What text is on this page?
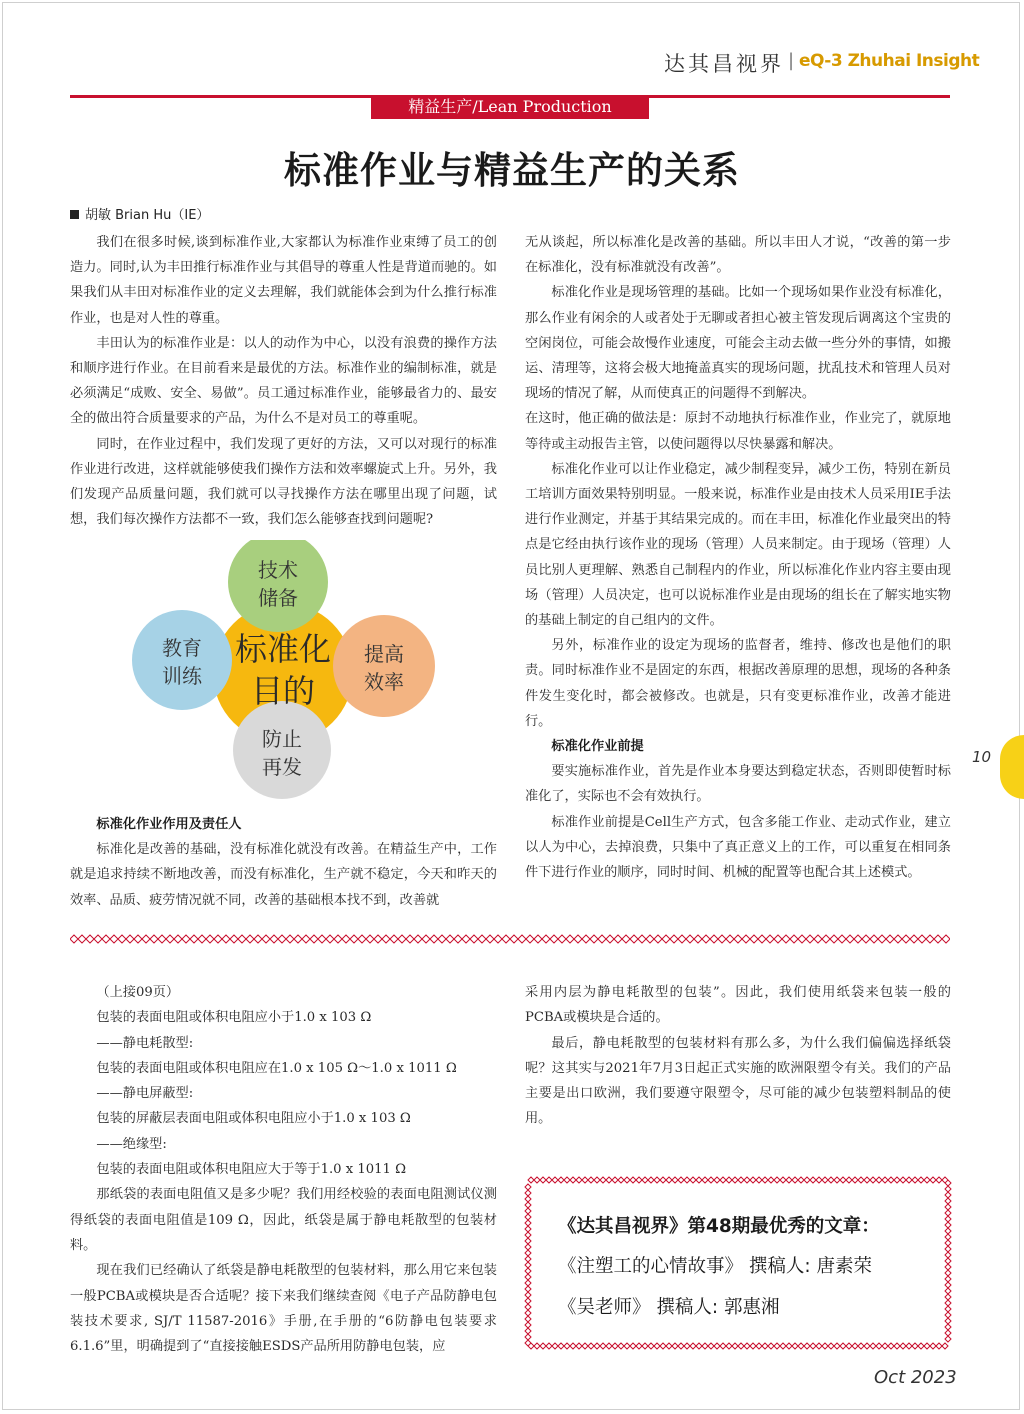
达其昌视界 | eQ-3 Zhuhai Insight
精益生产/Lean Production
标准作业与精益生产的关系
胡敏 Brian Hu（IE）

我们在很多时候,谈到标准作业,大家都认为标准作业束缚了员工的创造力。同时,认为丰田推行标准作业与其倡导的尊重人性是背道而驰的。如果我们从丰田对标准作业的定义去理解，我们就能体会到为什么推行标准作业，也是对人性的尊重。

丰田认为的标准作业是：以人的动作为中心，以没有浪费的操作方法和顺序进行作业。在目前看来是最优的方法。标准作业的编制标准，就是必须满足“成败、安全、易做”。员工通过标准作业，能够最省力的、最安全的做出符合质量要求的产品，为什么不是对员工的尊重呢。

同时，在作业过程中，我们发现了更好的方法，又可以对现行的标准作业进行改进，这样就能够使我们操作方法和效率螺旋式上升。另外，我们发现产品质量问题，我们就可以寻找操作方法在哪里出现了问题，试想，我们每次操作方法都不一致，我们怎么能够查找到问题呢?

技术
储备
教育
训练
提高
效率
防止
再发
标准化
目的

标准化作业作用及责任人

标准化是改善的基础，没有标准化就没有改善。在精益生产中，工作就是追求持续不断地改善，而没有标准化，生产就不稳定，今天和昨天的效率、品质、疲劳情况就不同，改善的基础根本找不到，改善就

无从谈起，所以标准化是改善的基础。所以丰田人才说，“改善的第一步在标准化，没有标准就没有改善”。

标准化作业是现场管理的基础。比如一个现场如果作业没有标准化，那么作业有闲余的人或者处于无聊或者担心被主管发现后调离这个宝贵的空闲岗位，可能会故慢作业速度，可能会主动去做一些分外的事情，如搬运、清理等，这将会极大地掩盖真实的现场问题，扰乱技术和管理人员对现场的情况了解，从而使真正的问题得不到解决。

在这时，他正确的做法是：原封不动地执行标准作业，作业完了，就原地等待或主动报告主管，以使问题得以尽快暴露和解决。

标准化作业可以让作业稳定，减少制程变异，减少工伤，特别在新员工培训方面效果特别明显。一般来说，标准作业是由技术人员采用IE手法进行作业测定，并基于其结果完成的。而在丰田，标准化作业最突出的特点是它经由执行该作业的现场（管理）人员来制定。由于现场（管理）人员比别人更理解、熟悉自己制程内的作业，所以标准化作业内容主要由现场（管理）人员决定，也可以说标准作业是由现场的组长在了解实地实物的基础上制定的自己组内的文件。

另外，标准作业的设定为现场的监督者，维持、修改也是他们的职责。同时标准作业不是固定的东西，根据改善原理的思想，现场的各种条件发生变化时，都会被修改。也就是，只有变更标准作业，改善才能进行。

标准化作业前提

要实施标准作业，首先是作业本身要达到稳定状态，否则即使暂时标准化了，实际也不会有效执行。

标准作业前提是Cell生产方式，包含多能工作业、走动式作业，建立以人为中心，去掉浪费，只集中了真正意义上的工作，可以重复在相同条件下进行作业的顺序，同时时间、机械的配置等也配合其上述模式。

10

（上接09页）

包装的表面电阻或体积电阻应小于1.0 x 103 Ω

——静电耗散型:

包装的表面电阻或体积电阻应在1.0 x 105 Ω～1.0 x 1011 Ω

——静电屏蔽型:

包装的屏蔽层表面电阻或体积电阻应小于1.0 x 103 Ω

——绝缘型:

包装的表面电阻或体积电阻应大于等于1.0 x 1011 Ω

那纸袋的表面电阻值又是多少呢？我们用经校验的表面电阻测试仪测得纸袋的表面电阻值是109 Ω，因此，纸袋是属于静电耗散型的包装材料。

现在我们已经确认了纸袋是静电耗散型的包装材料，那么用它来包装一般PCBA或模块是否合适呢？接下来我们继续查阅《电子产品防静电包装技术要求, SJ/T 11587-2016》手册,在手册的“6防静电包装要求6.1.6”里，明确提到了“直接接触ESDS产品所用防静电包装，应

采用内层为静电耗散型的包装”。因此，我们使用纸袋来包装一般的PCBA或模块是合适的。

最后，静电耗散型的包装材料有那么多，为什么我们偏偏选择纸袋呢？这其实与2021年7月3日起正式实施的欧洲限塑令有关。我们的产品主要是出口欧洲，我们要遵守限塑令，尽可能的减少包装塑料制品的使用。

《达其昌视界》第48期最优秀的文章：
《注塑工的心情故事》 撰稿人: 唐素荣
《吴老师》 撰稿人: 郭惠湘
Oct 2023
